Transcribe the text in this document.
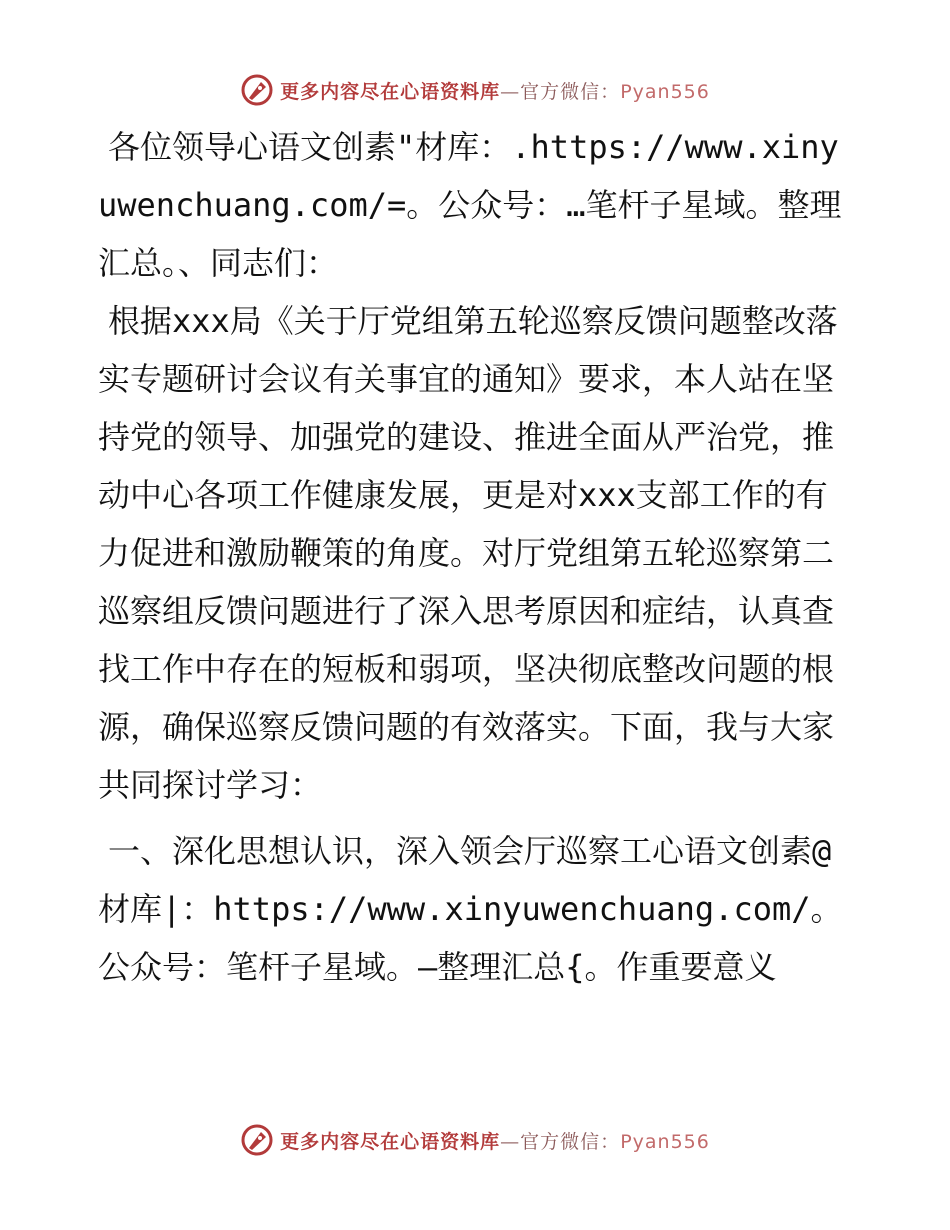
更多内容尽在心语资料库—官方微信：Pyan556

各位领导心语文创素"材库：.https://www.xinyuwenchuang.com/=。公众号：…笔杆子星域。整理汇总。、同志们：

根据xxx局《关于厅党组第五轮巡察反馈问题整改落实专题研讨会议有关事宜的通知》要求，本人站在坚持党的领导、加强党的建设、推进全面从严治党，推动中心各项工作健康发展，更是对xxx支部工作的有力促进和激励鞭策的角度。对厅党组第五轮巡察第二巡察组反馈问题进行了深入思考原因和症结，认真查找工作中存在的短板和弱项，坚决彻底整改问题的根源，确保巡察反馈问题的有效落实。下面，我与大家共同探讨学习：

一、深化思想认识，深入领会厅巡察工心语文创素@材库|：https://www.xinyuwenchuang.com/。公众号：笔杆子星域。—整理汇总{。作重要意义

更多内容尽在心语资料库—官方微信：Pyan556
